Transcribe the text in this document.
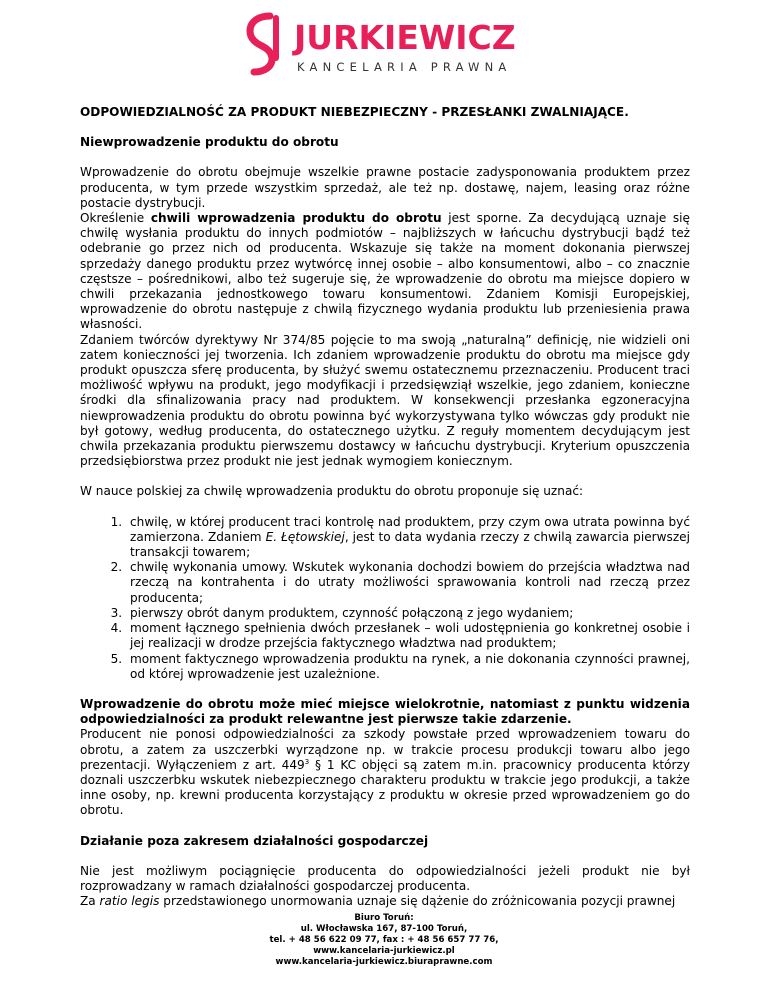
JURKIEWICZ
KANCELARIA PRAWNA
ODPOWIEDZIALNOŚĆ ZA PRODUKT NIEBEZPIECZNY - PRZESŁANKI ZWALNIAJĄCE.
Niewprowadzenie produktu do obrotu

Wprowadzenie do obrotu obejmuje wszelkie prawne postacie zadysponowania produktem przez producenta, w tym przede wszystkim sprzedaż, ale też np. dostawę, najem, leasing oraz różne postacie dystrybucji.

Określenie chwili wprowadzenia produktu do obrotu jest sporne. Za decydującą uznaje się chwilę wysłania produktu do innych podmiotów – najbliższych w łańcuchu dystrybucji bądź też odebranie go przez nich od producenta. Wskazuje się także na moment dokonania pierwszej sprzedaży danego produktu przez wytwórcę innej osobie – albo konsumentowi, albo – co znacznie częstsze – pośrednikowi, albo też sugeruje się, że wprowadzenie do obrotu ma miejsce dopiero w chwili przekazania jednostkowego towaru konsumentowi. Zdaniem Komisji Europejskiej, wprowadzenie do obrotu następuje z chwilą fizycznego wydania produktu lub przeniesienia prawa własności.

Zdaniem twórców dyrektywy Nr 374/85 pojęcie to ma swoją „naturalną” definicję, nie widzieli oni zatem konieczności jej tworzenia. Ich zdaniem wprowadzenie produktu do obrotu ma miejsce gdy produkt opuszcza sferę producenta, by służyć swemu ostatecznemu przeznaczeniu. Producent traci możliwość wpływu na produkt, jego modyfikacji i przedsięwziął wszelkie, jego zdaniem, konieczne środki dla sfinalizowania pracy nad produktem. W konsekwencji przesłanka egzoneracyjna niewprowadzenia produktu do obrotu powinna być wykorzystywana tylko wówczas gdy produkt nie był gotowy, według producenta, do ostatecznego użytku. Z reguły momentem decydującym jest chwila przekazania produktu pierwszemu dostawcy w łańcuchu dystrybucji. Kryterium opuszczenia przedsiębiorstwa przez produkt nie jest jednak wymogiem koniecznym.

W nauce polskiej za chwilę wprowadzenia produktu do obrotu proponuje się uznać:

1. chwilę, w której producent traci kontrolę nad produktem, przy czym owa utrata powinna być zamierzona. Zdaniem E. Łętowskiej, jest to data wydania rzeczy z chwilą zawarcia pierwszej transakcji towarem;
2. chwilę wykonania umowy. Wskutek wykonania dochodzi bowiem do przejścia władztwa nad rzeczą na kontrahenta i do utraty możliwości sprawowania kontroli nad rzeczą przez producenta;
3. pierwszy obrót danym produktem, czynność połączoną z jego wydaniem;
4. moment łącznego spełnienia dwóch przesłanek – woli udostępnienia go konkretnej osobie i jej realizacji w drodze przejścia faktycznego władztwa nad produktem;
5. moment faktycznego wprowadzenia produktu na rynek, a nie dokonania czynności prawnej, od której wprowadzenie jest uzależnione.

Wprowadzenie do obrotu może mieć miejsce wielokrotnie, natomiast z punktu widzenia odpowiedzialności za produkt relewantne jest pierwsze takie zdarzenie.

Producent nie ponosi odpowiedzialności za szkody powstałe przed wprowadzeniem towaru do obrotu, a zatem za uszczerbki wyrządzone np. w trakcie procesu produkcji towaru albo jego prezentacji. Wyłączeniem z art. $449^3$ § 1 KC objęci są zatem m.in. pracownicy producenta którzy doznali uszczerbku wskutek niebezpiecznego charakteru produktu w trakcie jego produkcji, a także inne osoby, np. krewni producenta korzystający z produktu w okresie przed wprowadzeniem go do obrotu.

Działanie poza zakresem działalności gospodarczej

Nie jest możliwym pociągnięcie producenta do odpowiedzialności jeżeli produkt nie był rozprowadzany w ramach działalności gospodarczej producenta.

Za ratio legis przedstawionego unormowania uznaje się dążenie do zróżnicowania pozycji prawnej

Biuro Toruń:
ul. Włocławska 167, 87-100 Toruń,
tel. + 48 56 622 09 77, fax : + 48 56 657 77 76,
www.kancelaria-jurkiewicz.pl
www.kancelaria-jurkiewicz.biuraprawne.com
